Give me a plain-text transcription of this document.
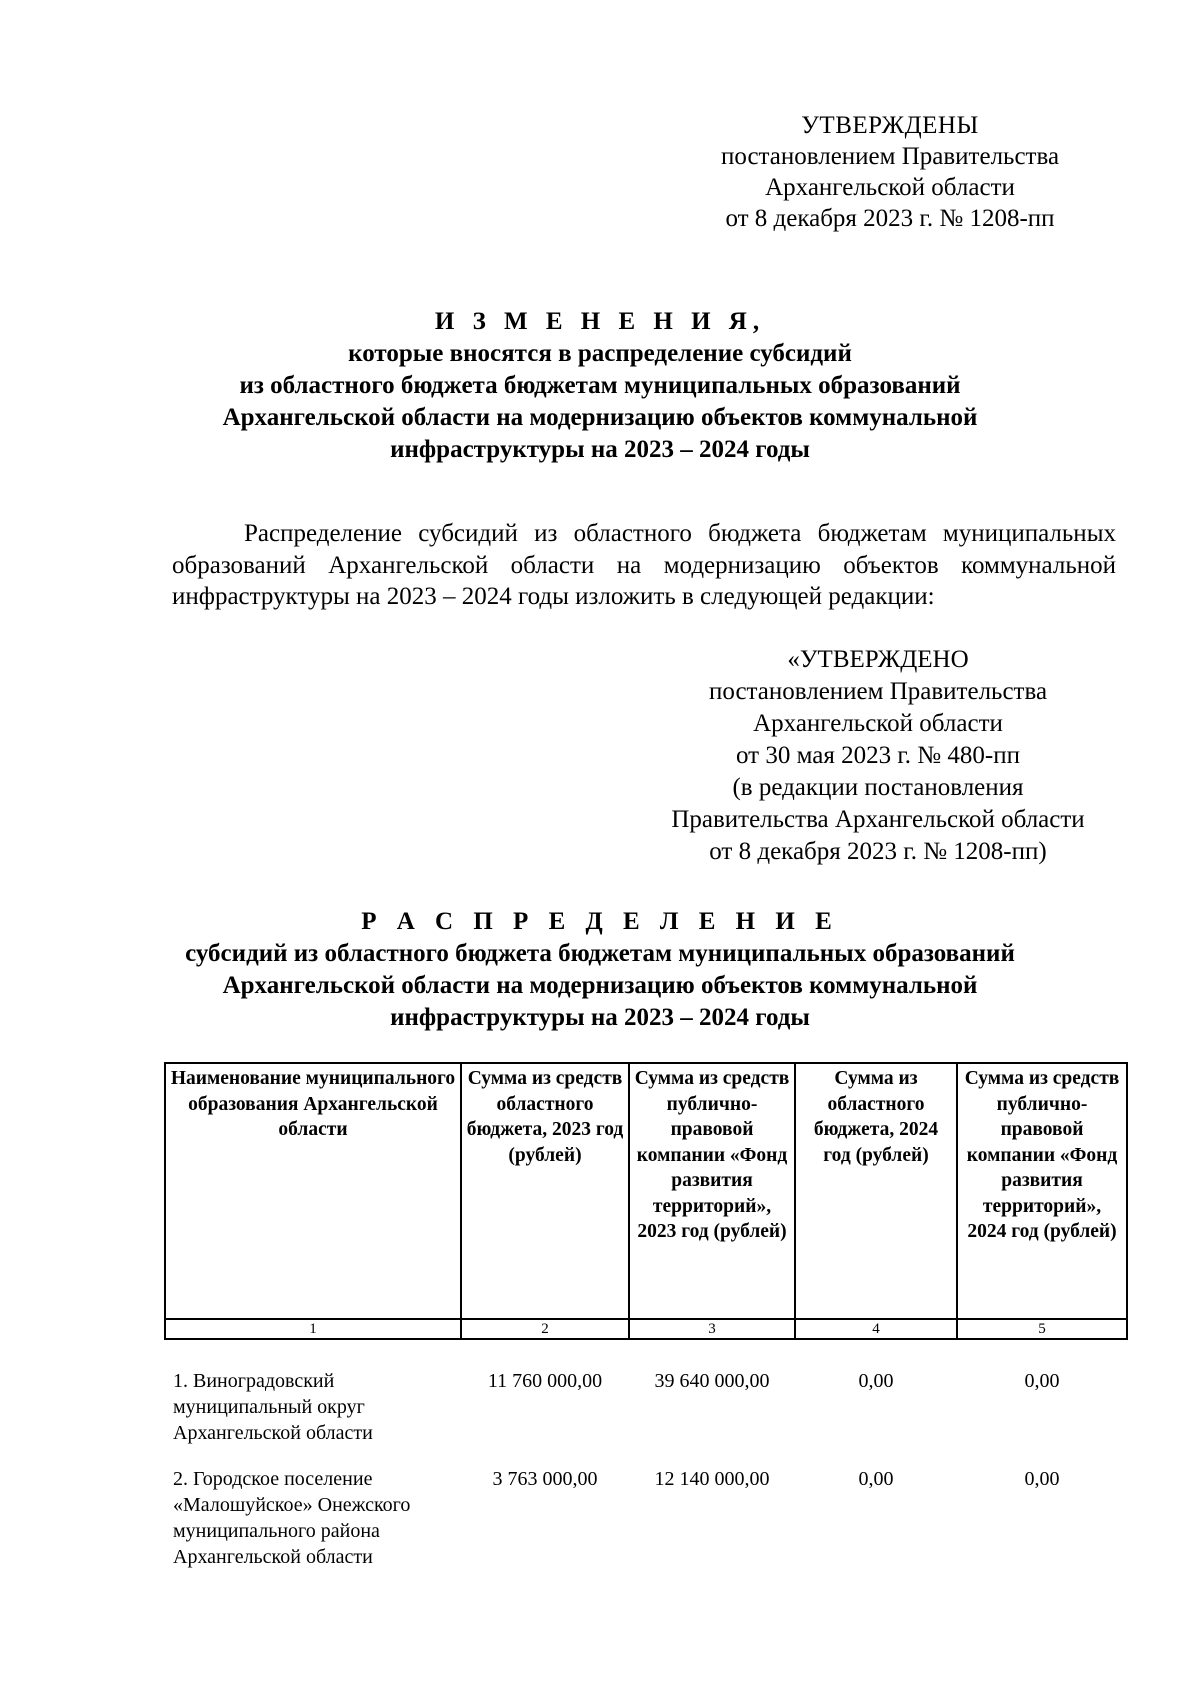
УТВЕРЖДЕНЫ
постановлением Правительства
Архангельской области
от 8 декабря 2023 г. № 1208-пп
И З М Е Н Е Н И Я,
которые вносятся в распределение субсидий
из областного бюджета бюджетам муниципальных образований
Архангельской области на модернизацию объектов коммунальной
инфраструктуры на 2023 – 2024 годы
Распределение субсидий из областного бюджета бюджетам муниципальных образований Архангельской области на модернизацию объектов коммунальной инфраструктуры на 2023 – 2024 годы изложить в следующей редакции:
«УТВЕРЖДЕНО
постановлением Правительства
Архангельской области
от 30 мая 2023 г. № 480-пп
(в редакции постановления
Правительства Архангельской области
от 8 декабря 2023 г. № 1208-пп)
Р А С П Р Е Д Е Л Е Н И Е
субсидий из областного бюджета бюджетам муниципальных образований
Архангельской области на модернизацию объектов коммунальной
инфраструктуры на 2023 – 2024 годы
Наименование муниципального образования Архангельской области	Сумма из средств областного бюджета, 2023 год (рублей)	Сумма из средств публично-правовой компании «Фонд развития территорий», 2023 год (рублей)	Сумма из областного бюджета, 2024 год (рублей)	Сумма из средств публично-правовой компании «Фонд развития территорий», 2024 год (рублей)
1	2	3	4	5

1. Виноградовский муниципальный округ Архангельской области	11 760 000,00	39 640 000,00	0,00	0,00
2. Городское поселение «Малошуйское» Онежского муниципального района Архангельской области	3 763 000,00	12 140 000,00	0,00	0,00
